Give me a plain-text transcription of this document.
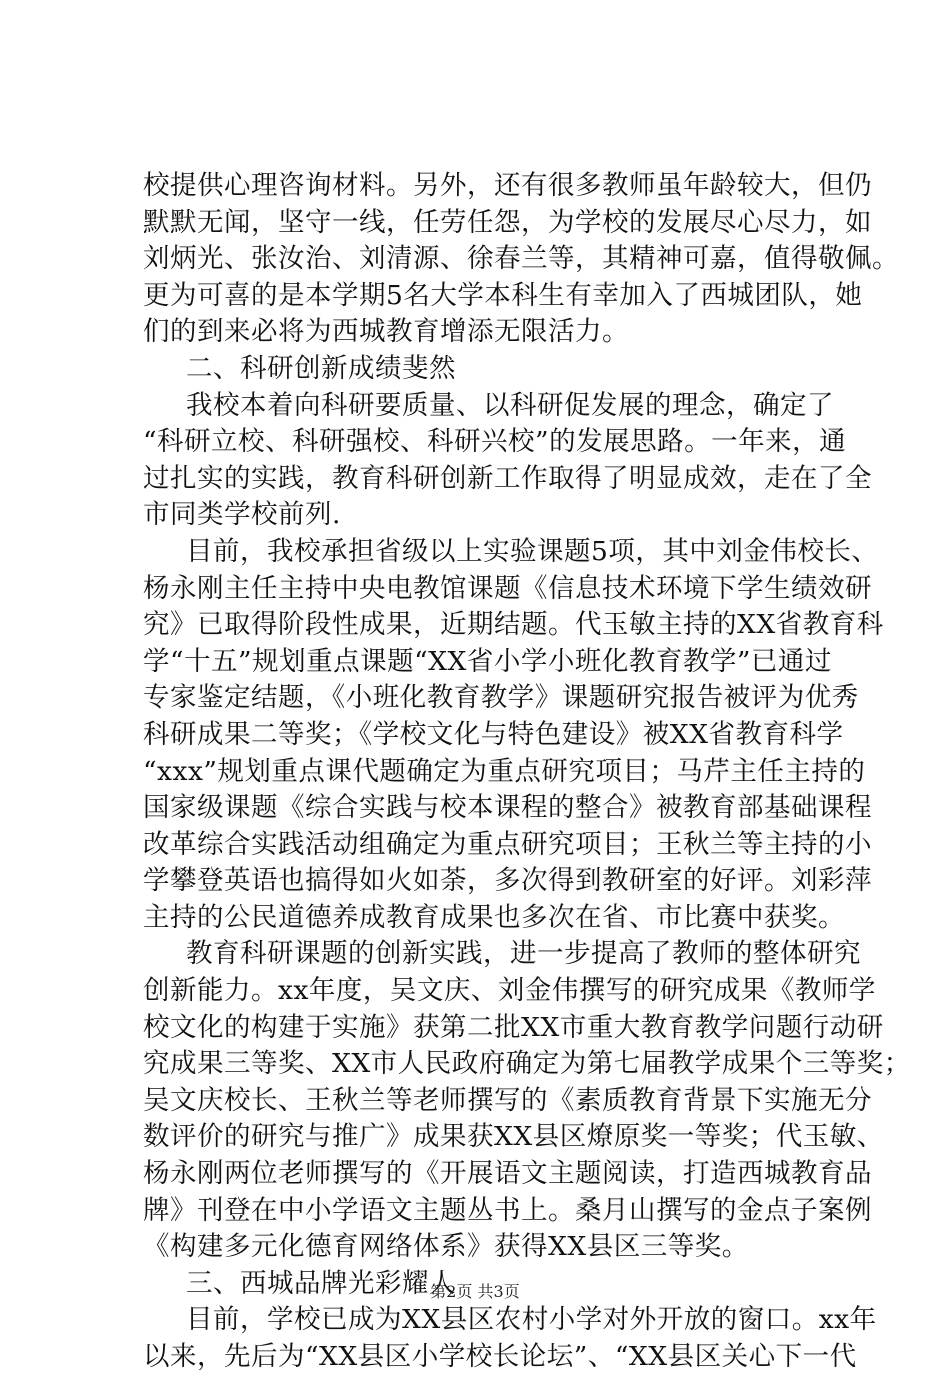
校提供心理咨询材料。另外，还有很多教师虽年龄较大，但仍
默默无闻，坚守一线，任劳任怨，为学校的发展尽心尽力，如
刘炳光、张汝治、刘清源、徐春兰等，其精神可嘉，值得敬佩。
更为可喜的是本学期5名大学本科生有幸加入了西城团队，她
们的到来必将为西城教育增添无限活力。
二、科研创新成绩斐然
我校本着向科研要质量、以科研促发展的理念，确定了
“科研立校、科研强校、科研兴校”的发展思路。一年来，通
过扎实的实践，教育科研创新工作取得了明显成效，走在了全
市同类学校前列.
目前，我校承担省级以上实验课题5项，其中刘金伟校长、
杨永刚主任主持中央电教馆课题《信息技术环境下学生绩效研
究》已取得阶段性成果，近期结题。代玉敏主持的XX省教育科
学“十五”规划重点课题“XX省小学小班化教育教学”已通过
专家鉴定结题，《小班化教育教学》课题研究报告被评为优秀
科研成果二等奖；《学校文化与特色建设》被XX省教育科学
“xxx”规划重点课代题确定为重点研究项目；马芹主任主持的
国家级课题《综合实践与校本课程的整合》被教育部基础课程
改革综合实践活动组确定为重点研究项目；王秋兰等主持的小
学攀登英语也搞得如火如荼，多次得到教研室的好评。刘彩萍
主持的公民道德养成教育成果也多次在省、市比赛中获奖。
教育科研课题的创新实践，进一步提高了教师的整体研究
创新能力。xx年度，吴文庆、刘金伟撰写的研究成果《教师学
校文化的构建于实施》获第二批XX市重大教育教学问题行动研
究成果三等奖、XX市人民政府确定为第七届教学成果个三等奖；
吴文庆校长、王秋兰等老师撰写的《素质教育背景下实施无分
数评价的研究与推广》成果获XX县区燎原奖一等奖；代玉敏、
杨永刚两位老师撰写的《开展语文主题阅读，打造西城教育品
牌》刊登在中小学语文主题丛书上。桑月山撰写的金点子案例
《构建多元化德育网络体系》获得XX县区三等奖。
三、西城品牌光彩耀人
目前，学校已成为XX县区农村小学对外开放的窗口。xx年
以来，先后为“XX县区小学校长论坛”、“XX县区关心下一代
第2页 共3页
